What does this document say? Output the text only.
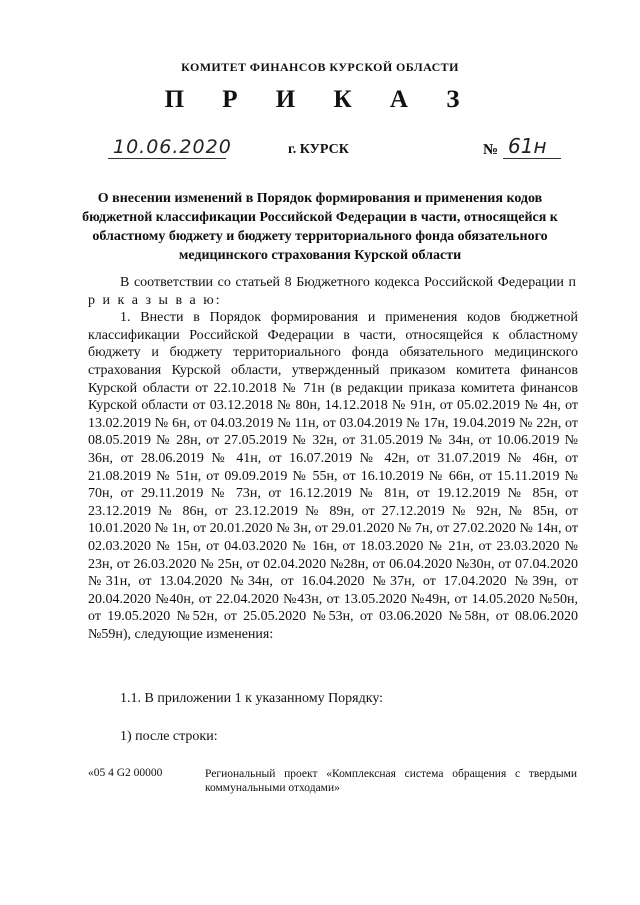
КОМИТЕТ ФИНАНСОВ КУРСКОЙ ОБЛАСТИ
П Р И К А З
10.06.2020	г. КУРСК	№ 61н
О внесении изменений в Порядок формирования и применения кодов бюджетной классификации Российской Федерации в части, относящейся к областному бюджету и бюджету территориального фонда обязательного медицинского страхования Курской области

В соответствии со статьей 8 Бюджетного кодекса Российской Федерации п р и к а з ы в а ю:

1. Внести в Порядок формирования и применения кодов бюджетной классификации Российской Федерации в части, относящейся к областному бюджету и бюджету территориального фонда обязательного медицинского страхования Курской области, утвержденный приказом комитета финансов Курской области от 22.10.2018 № 71н (в редакции приказа комитета финансов Курской области от 03.12.2018 № 80н, 14.12.2018 № 91н, от 05.02.2019 № 4н, от 13.02.2019 № 6н, от 04.03.2019 № 11н, от 03.04.2019 № 17н, 19.04.2019 № 22н, от 08.05.2019 № 28н, от 27.05.2019 № 32н, от 31.05.2019 № 34н, от 10.06.2019 № 36н, от 28.06.2019 № 41н, от 16.07.2019 № 42н, от 31.07.2019 № 46н, от 21.08.2019 № 51н, от 09.09.2019 № 55н, от 16.10.2019 № 66н, от 15.11.2019 № 70н, от 29.11.2019 № 73н, от 16.12.2019 № 81н, от 19.12.2019 № 85н, от 23.12.2019 № 86н, от 23.12.2019 № 89н, от 27.12.2019 № 92н, № 85н, от 10.01.2020 № 1н, от 20.01.2020 № 3н, от 29.01.2020 № 7н, от 27.02.2020 № 14н, от 02.03.2020 № 15н, от 04.03.2020 № 16н, от 18.03.2020 № 21н, от 23.03.2020 № 23н, от 26.03.2020 № 25н, от 02.04.2020 №28н, от 06.04.2020 №30н, от 07.04.2020 №31н, от 13.04.2020 №34н, от 16.04.2020 №37н, от 17.04.2020 №39н, от 20.04.2020 №40н, от 22.04.2020 №43н, от 13.05.2020 №49н, от 14.05.2020 №50н, от 19.05.2020 №52н, от 25.05.2020 №53н, от 03.06.2020 №58н, от 08.06.2020 №59н), следующие изменения:

1.1. В приложении 1 к указанному Порядку:
1) после строки:
«05 4 G2 00000	Региональный проект «Комплексная система обращения с твердыми коммунальными отходами»
